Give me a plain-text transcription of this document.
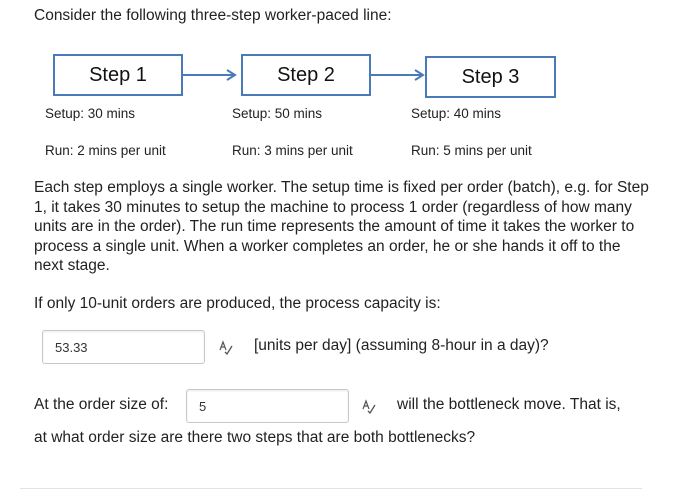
Consider the following three-step worker-paced line:
Step 1	Step 2	Step 3
Setup: 30 mins	Setup: 50 mins	Setup: 40 mins
Run: 2 mins per unit	Run: 3 mins per unit	Run: 5 mins per unit
Each step employs a single worker. The setup time is fixed per order (batch), e.g. for Step 1, it takes 30 minutes to setup the machine to process 1 order (regardless of how many units are in the order). The run time represents the amount of time it takes the worker to process a single unit. When a worker completes an order, he or she hands it off to the next stage.
If only 10-unit orders are produced, the process capacity is:
53.33
[units per day] (assuming 8-hour in a day)?
At the order size of:
5	will the bottleneck move. That is,
at what order size are there two steps that are both bottlenecks?
